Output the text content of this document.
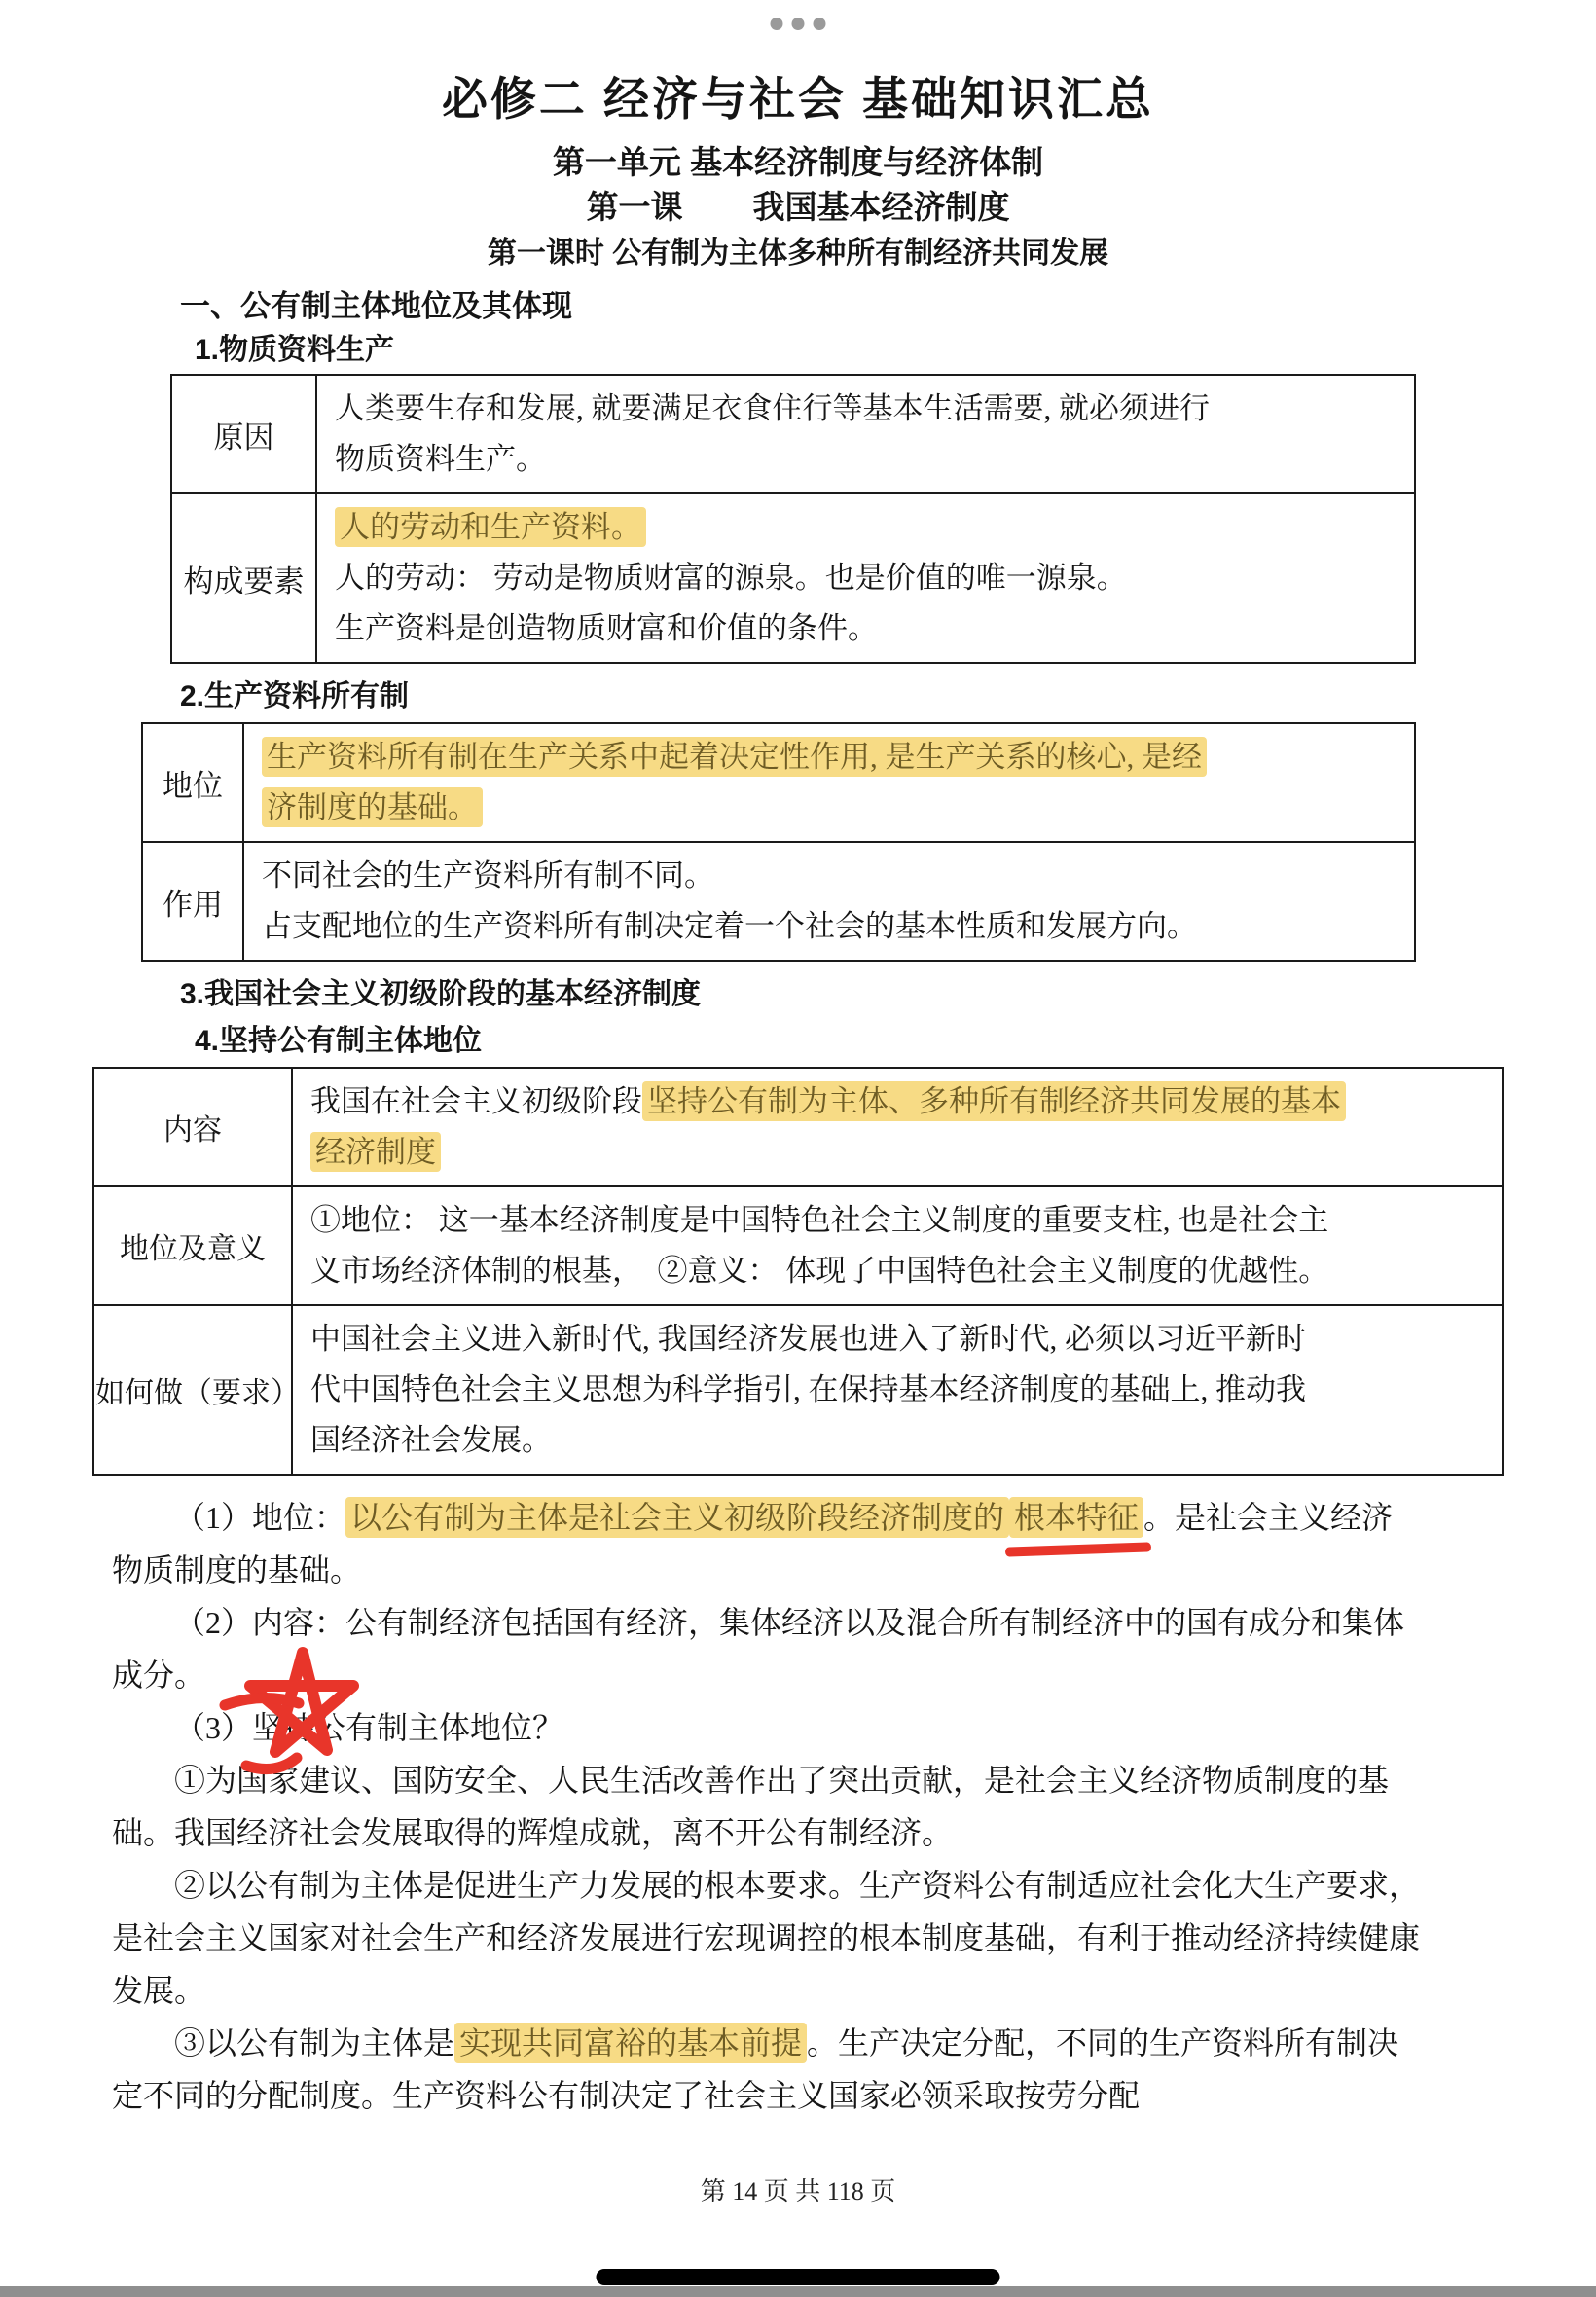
必修二 经济与社会 基础知识汇总
第一单元 基本经济制度与经济体制
第一课 我国基本经济制度
第一课时 公有制为主体多种所有制经济共同发展
一、公有制主体地位及其体现
1.物质资料生产
原因	人类要生存和发展, 就要满足衣食住行等基本生活需要, 就必须进行
物质资料生产。

构成要素	人的劳动和生产资料。
人的劳动： 劳动是物质财富的源泉。也是价值的唯一源泉。
生产资料是创造物质财富和价值的条件。
2.生产资料所有制
地位	生产资料所有制在生产关系中起着决定性作用, 是生产关系的核心, 是经
济制度的基础。

作用	不同社会的生产资料所有制不同。
占支配地位的生产资料所有制决定着一个社会的基本性质和发展方向。
3.我国社会主义初级阶段的基本经济制度
4.坚持公有制主体地位
内容	我国在社会主义初级阶段 坚持公有制为主体、多种所有制经济共同发展的基本
经济制度

地位及意义	①地位： 这一基本经济制度是中国特色社会主义制度的重要支柱, 也是社会主
义市场经济体制的根基，　②意义： 体现了中国特色社会主义制度的优越性。

如何做（要求）	中国社会主义进入新时代, 我国经济发展也进入了新时代, 必须以习近平新时
代中国特色社会主义思想为科学指引, 在保持基本经济制度的基础上, 推动我
国经济社会发展。
（1）地位： 以公有制为主体是社会主义初级阶段经济制度的 根本特征 。是社会主义经济物质制度的基础。
（2）内容：公有制经济包括国有经济，集体经济以及混合所有制经济中的国有成分和集体成分。
（3）坚持公有制主体地位？
①为国家建议、国防安全、人民生活改善作出了突出贡献，是社会主义经济物质制度的基础。我国经济社会发展取得的辉煌成就，离不开公有制经济。
②以公有制为主体是促进生产力发展的根本要求。生产资料公有制适应社会化大生产要求，是社会主义国家对社会生产和经济发展进行宏现调控的根本制度基础，有利于推动经济持续健康发展。
③以公有制为主体是 实现共同富裕的基本前提 。生产决定分配，不同的生产资料所有制决定不同的分配制度。生产资料公有制决定了社会主义国家必领采取按劳分配
第 14 页 共 118 页
